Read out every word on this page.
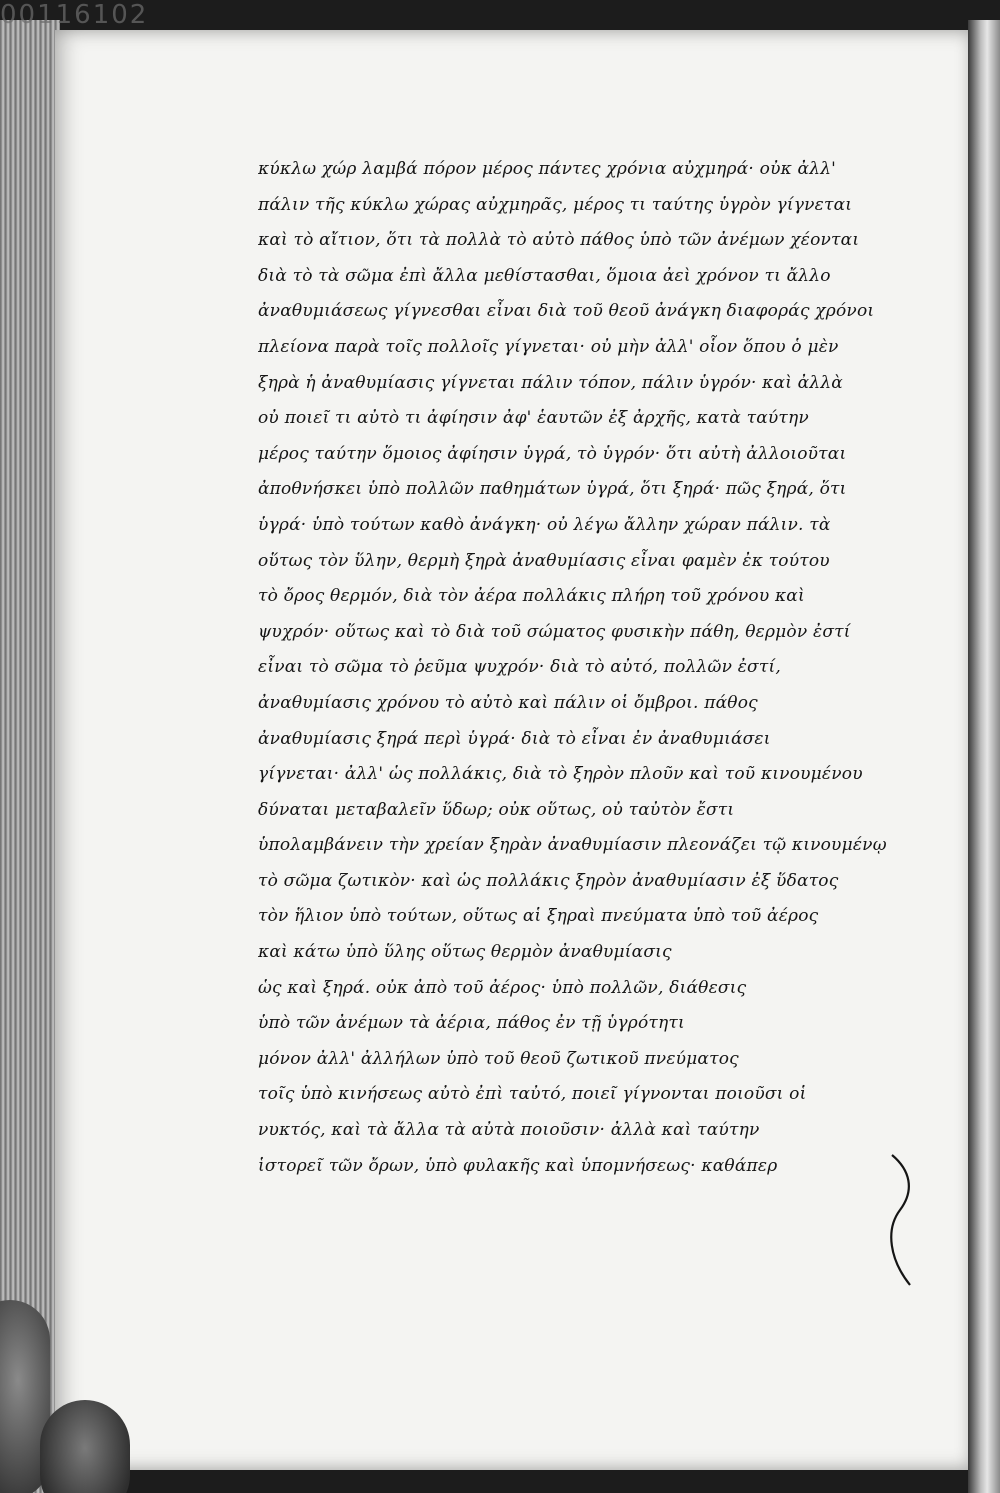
00116102
κύκλω χώρ λαμβά πόρον μέρος πάντες χρόνια αὐχμηρά· οὐκ ἀλλ'
πάλιν τῆς κύκλω χώρας αὐχμηρᾶς, μέρος τι ταύτης ὑγρὸν γίγνεται
καὶ τὸ αἴτιον, ὅτι τὰ πολλὰ τὸ αὐτὸ πάθος ὑπὸ τῶν ἀνέμων χέονται
διὰ τὸ τὰ σῶμα ἐπὶ ἄλλα μεθίστασθαι, ὅμοια ἀεὶ χρόνον τι ἄλλο
ἀναθυμιάσεως γίγνεσθαι εἶναι διὰ τοῦ θεοῦ ἀνάγκη διαφοράς χρόνοι
πλείονα παρὰ τοῖς πολλοῖς γίγνεται· οὐ μὴν ἀλλ' οἷον ὅπου ὁ μὲν
ξηρὰ ἡ ἀναθυμίασις γίγνεται πάλιν τόπον, πάλιν ὑγρόν· καὶ ἀλλὰ
οὐ ποιεῖ τι αὐτὸ τι ἀφίησιν ἀφ' ἑαυτῶν ἐξ ἀρχῆς, κατὰ ταύτην
μέρος ταύτην ὅμοιος ἀφίησιν ὑγρά, τὸ ὑγρόν· ὅτι αὐτὴ ἀλλοιοῦται
ἀποθνήσκει ὑπὸ πολλῶν παθημάτων ὑγρά, ὅτι ξηρά· πῶς ξηρά, ὅτι
ὑγρά· ὑπὸ τούτων καθὸ ἀνάγκη· οὐ λέγω ἄλλην χώραν πάλιν. τὰ
οὕτως τὸν ὕλην, θερμὴ ξηρὰ ἀναθυμίασις εἶναι φαμὲν ἐκ τούτου
τὸ ὄρος θερμόν, διὰ τὸν ἀέρα πολλάκις πλήρη τοῦ χρόνου καὶ
ψυχρόν· οὕτως καὶ τὸ διὰ τοῦ σώματος φυσικὴν πάθη, θερμὸν ἐστί
εἶναι τὸ σῶμα τὸ ῥεῦμα ψυχρόν· διὰ τὸ αὐτό, πολλῶν ἐστί,
ἀναθυμίασις χρόνου τὸ αὐτὸ καὶ πάλιν οἱ ὄμβροι. πάθος
ἀναθυμίασις ξηρά περὶ ὑγρά· διὰ τὸ εἶναι ἐν ἀναθυμιάσει
γίγνεται· ἀλλ' ὡς πολλάκις, διὰ τὸ ξηρὸν πλοῦν καὶ τοῦ κινουμένου
δύναται μεταβαλεῖν ὕδωρ; οὐκ οὕτως, οὐ ταὐτὸν ἔστι
ὑπολαμβάνειν τὴν χρείαν ξηρὰν ἀναθυμίασιν πλεονάζει τῷ κινουμένῳ
τὸ σῶμα ζωτικὸν· καὶ ὡς πολλάκις ξηρὸν ἀναθυμίασιν ἐξ ὕδατος
τὸν ἥλιον ὑπὸ τούτων, οὕτως αἱ ξηραὶ πνεύματα ὑπὸ τοῦ ἀέρος
καὶ κάτω ὑπὸ ὕλης οὕτως θερμὸν ἀναθυμίασις
ὡς καὶ ξηρά. οὐκ ἀπὸ τοῦ ἀέρος· ὑπὸ πολλῶν, διάθεσις
ὑπὸ τῶν ἀνέμων τὰ ἀέρια, πάθος ἐν τῇ ὑγρότητι
μόνον ἀλλ' ἀλλήλων ὑπὸ τοῦ θεοῦ ζωτικοῦ πνεύματος
τοῖς ὑπὸ κινήσεως αὐτὸ ἐπὶ ταὐτό, ποιεῖ γίγνονται ποιοῦσι οἱ
νυκτός, καὶ τὰ ἄλλα τὰ αὐτὰ ποιοῦσιν· ἀλλὰ καὶ ταύτην
ἱστορεῖ τῶν ὄρων, ὑπὸ φυλακῆς καὶ ὑπομνήσεως· καθάπερ
